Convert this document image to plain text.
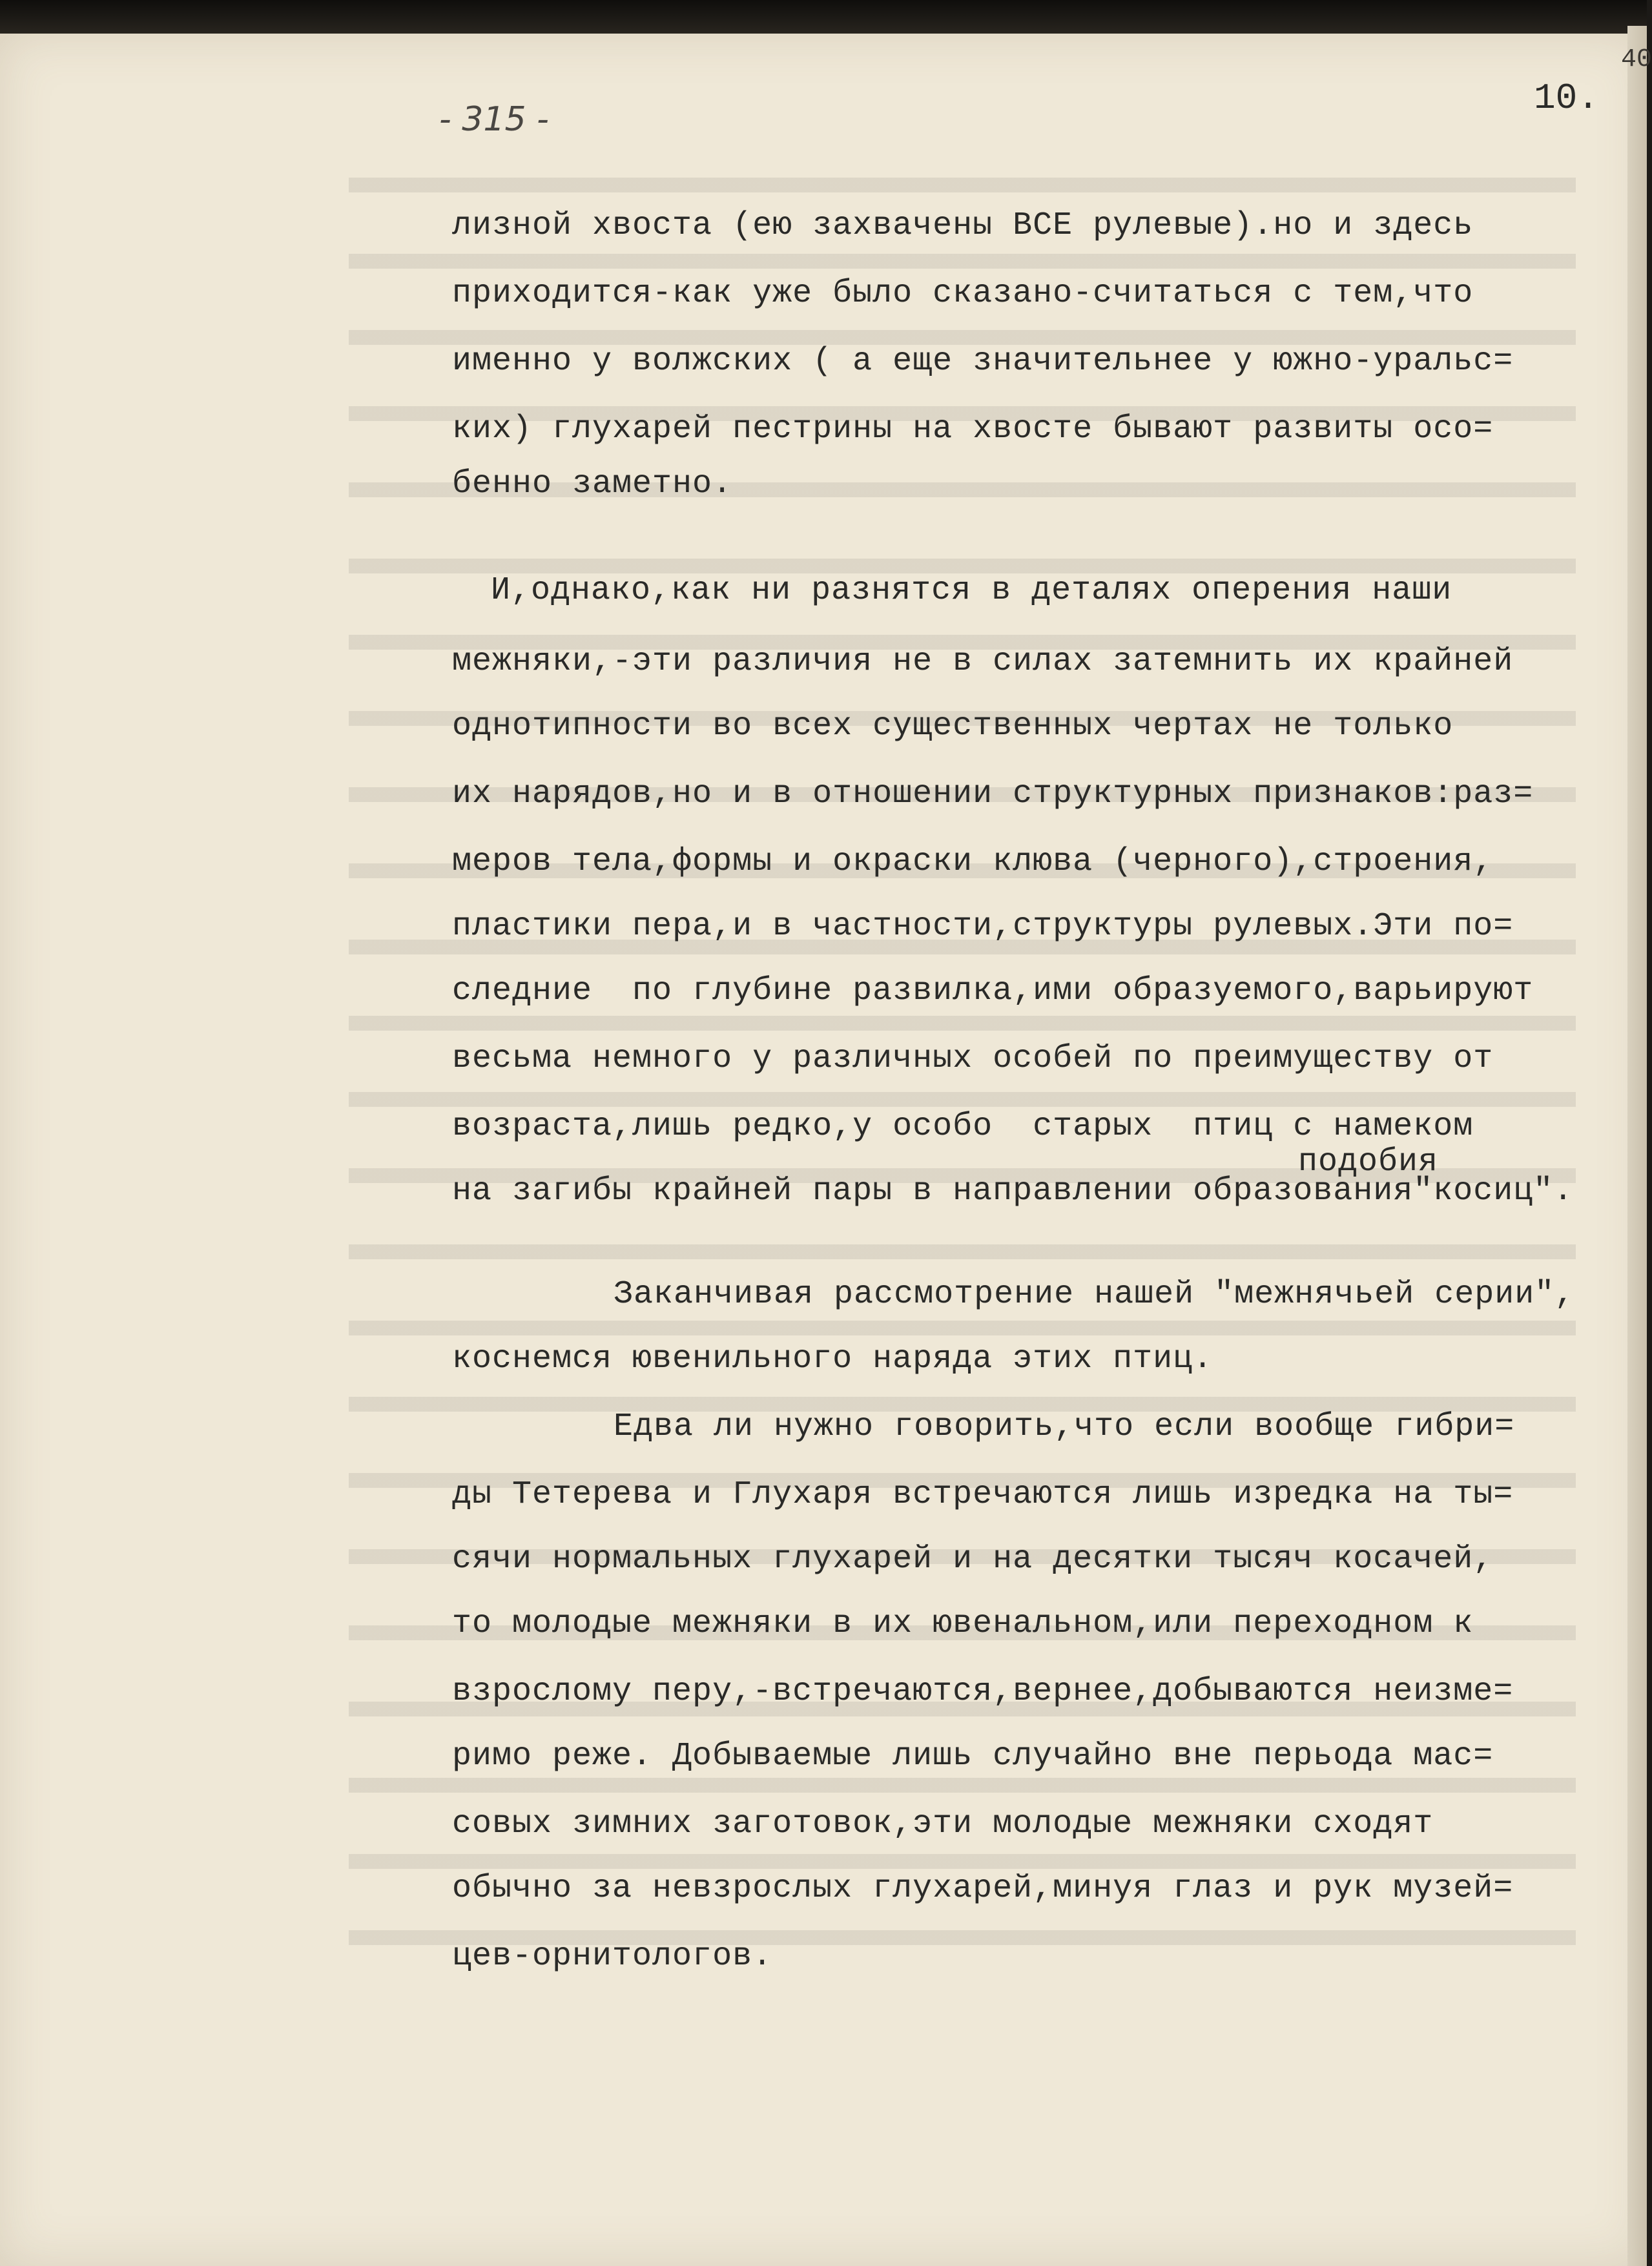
- 315 -
10.
40
лизной хвоста (ею захвачены ВСЕ рулевые).но и здесь
приходится-как уже было сказано-считаться с тем,что
именно у волжских ( а еще значительнее у южно-уральс=
ких) глухарей пестрины на хвосте бывают развиты осо=
бенно заметно.
И,однако,как ни разнятся в деталях оперения наши
межняки,-эти различия не в силах затемнить их крайней
однотипности во всех существенных чертах не только
их нарядов,но и в отношении структурных признаков:раз=
меров тела,формы и окраски клюва (черного),строения,
пластики пера,и в частности,структуры рулевых.Эти по=
следние  по глубине развилка,ими образуемого,варьируют
весьма немного у различных особей по преимуществу от
возраста,лишь редко,у особо  старых  птиц с намеком
подобия
на загибы крайней пары в направлении образования"косиц".
Заканчивая рассмотрение нашей "межнячьей серии",
коснемся ювенильного наряда этих птиц.
Едва ли нужно говорить,что если вообще гибри=
ды Тетерева и Глухаря встречаются лишь изредка на ты=
сячи нормальных глухарей и на десятки тысяч косачей,
то молодые межняки в их ювенальном,или переходном к
взрослому перу,-встречаются,вернее,добываются неизме=
римо реже. Добываемые лишь случайно вне перьода мас=
совых зимних заготовок,эти молодые межняки сходят
обычно за невзрослых глухарей,минуя глаз и рук музей=
цев-орнитологов.
